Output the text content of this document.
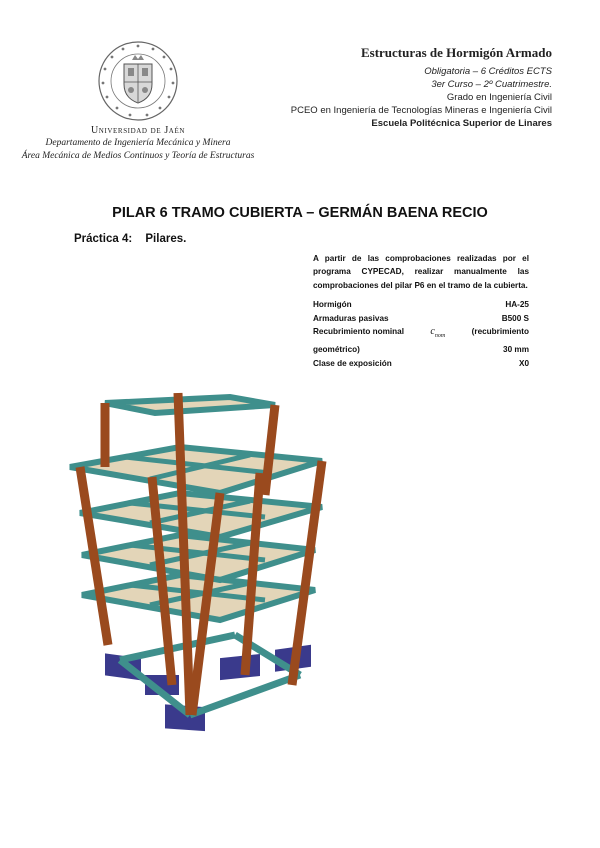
Universidad de Jaén
Departamento de Ingeniería Mecánica y Minera
Área Mecánica de Medios Continuos y Teoría de Estructuras
Estructuras de Hormigón Armado
Obligatoria – 6 Créditos ECTS
3er Curso – 2º Cuatrimestre.
Grado en Ingeniería Civil
PCEO en Ingeniería de Tecnologías Mineras e Ingeniería Civil
Escuela Politécnica Superior de Linares
PILAR 6 TRAMO CUBIERTA – GERMÁN BAENA RECIO
Práctica 4: Pilares.

A partir de las comprobaciones realizadas por el programa CYPECAD, realizar manualmente las comprobaciones del pilar P6 en el tramo de la cubierta.

Hormigón	HA-25
Armaduras pasivas	B500 S
Recubrimiento nominal	$c_{nom}$	(recubrimiento
geométrico)	30 mm
Clase de exposición	X0
